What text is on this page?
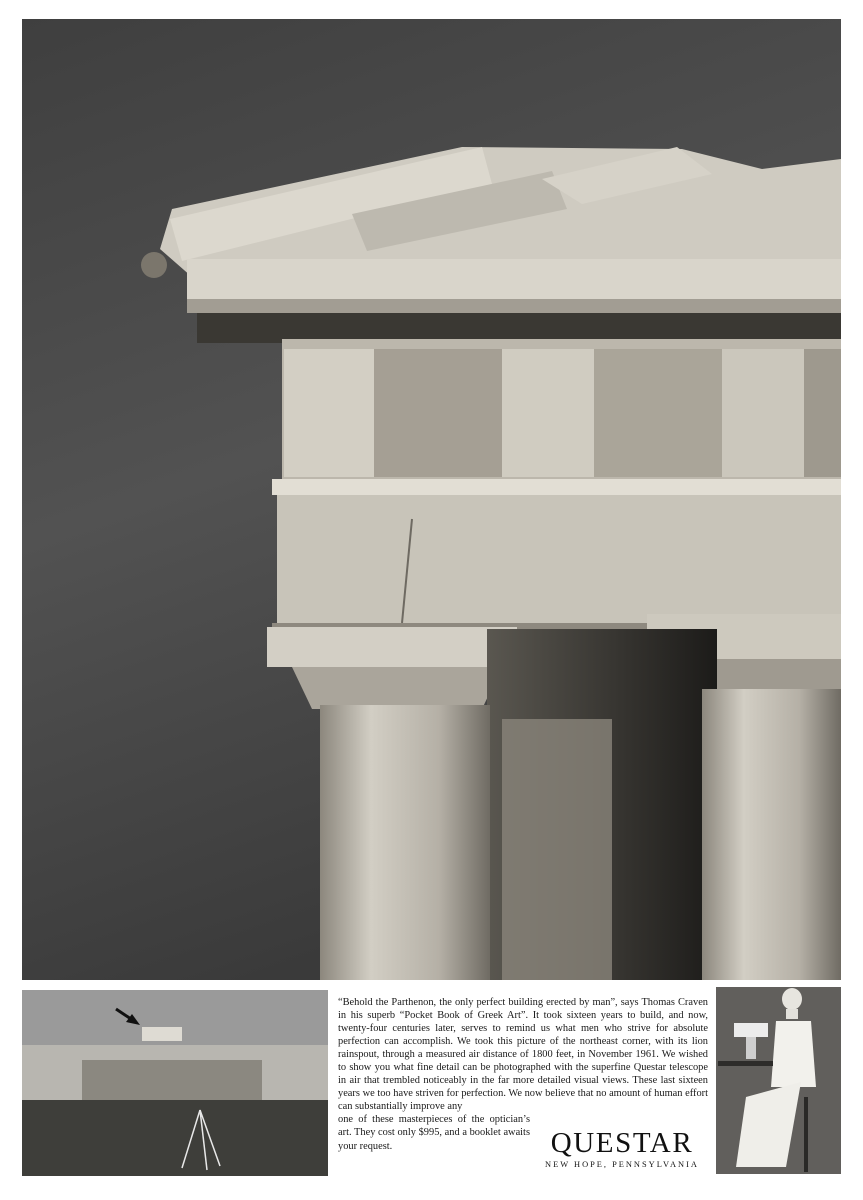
“Behold the Parthenon, the only perfect building erected by man”, says Thomas Craven in his superb “Pocket Book of Greek Art”. It took sixteen years to build, and now, twenty-four centuries later, serves to remind us what men who strive for absolute perfection can accomplish. We took this picture of the northeast corner, with its lion rainspout, through a measured air distance of 1800 feet, in November 1961. We wished to show you what fine detail can be photographed with the superfine Questar telescope in air that trembled noticeably in the far more detailed visual views. These last sixteen years we too have striven for perfection. We now believe that no amount of human effort can substantially improve any

one of these masterpieces of the optician’s art. They cost only $995, and a booklet awaits your request.	QUESTAR
NEW HOPE, PENNSYLVANIA
